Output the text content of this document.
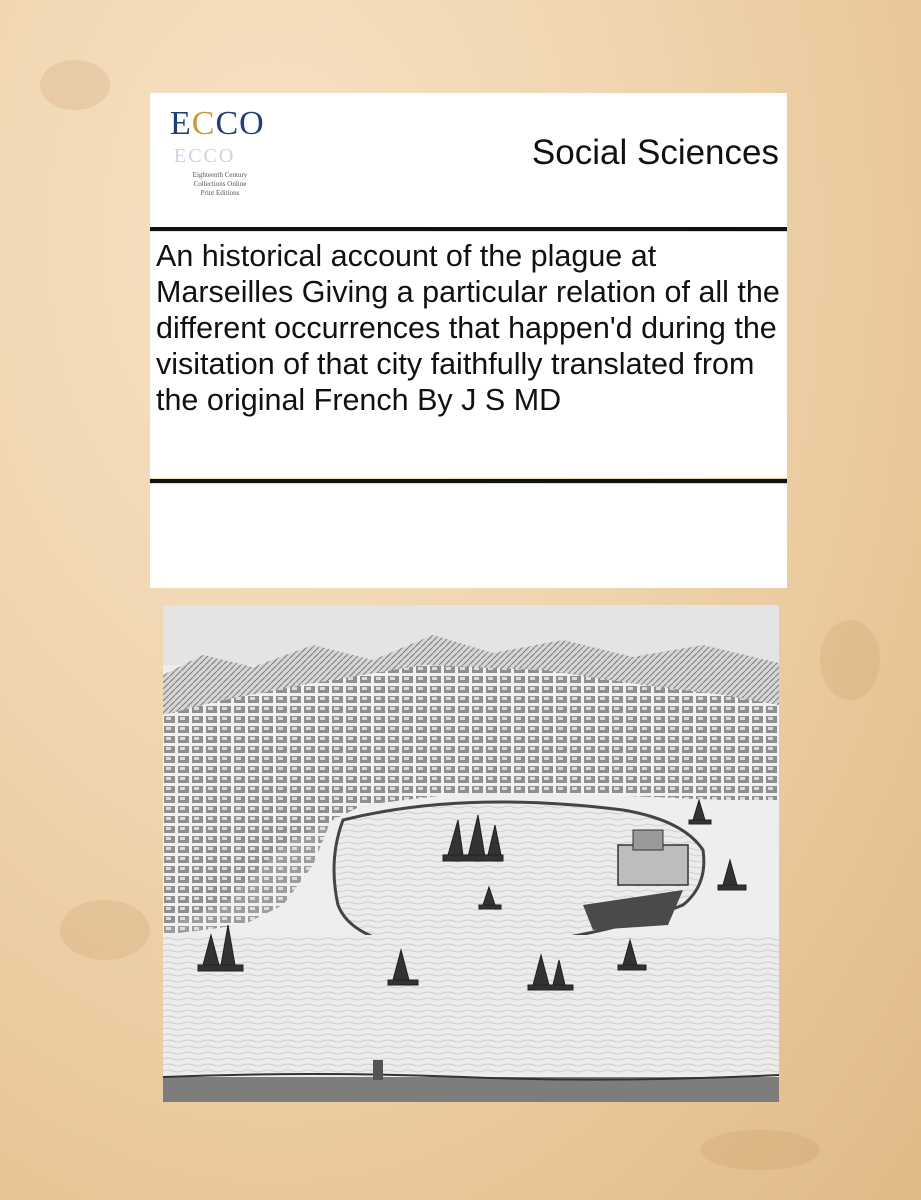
ECCO
ECCO
Eighteenth Century
Collections Online
Print Editions
Social Sciences
An historical account of the plague at Marseilles Giving a particular relation of all the different occurrences that happen'd during the visitation of that city faithfully translated from the original French By J S MD
